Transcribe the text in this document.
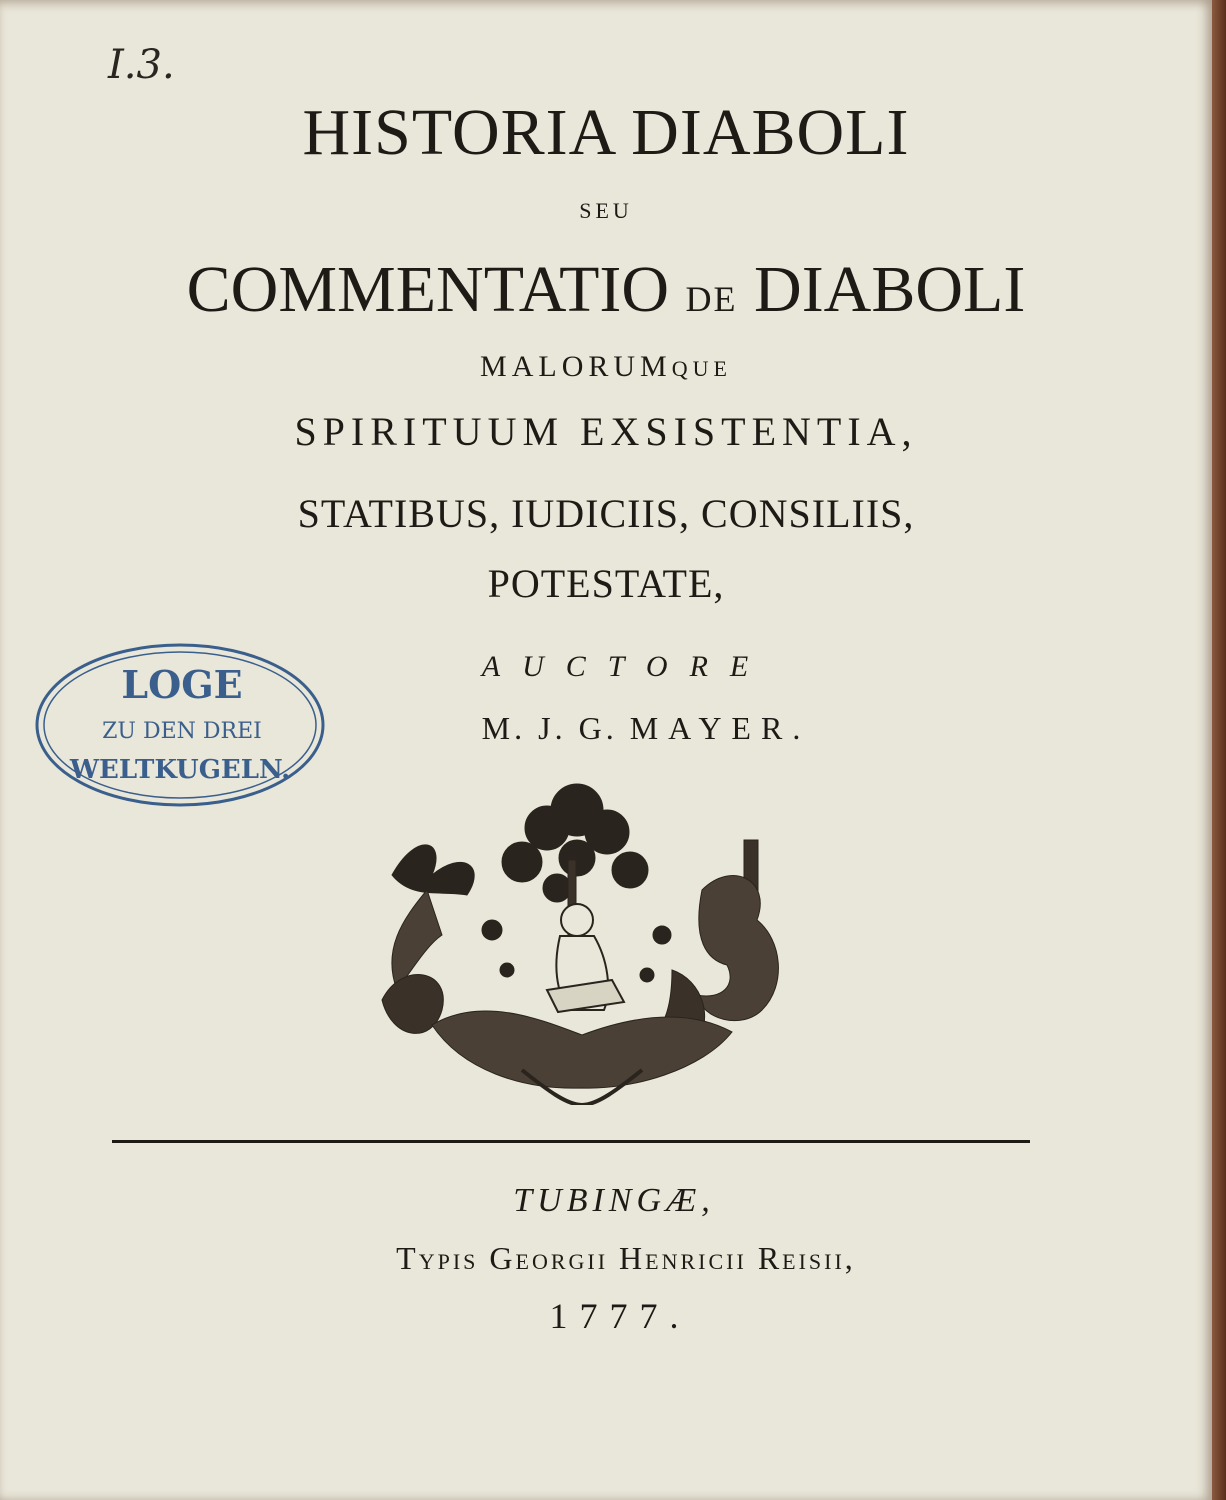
I.3.
HISTORIA DIABOLI
SEU
COMMENTATIO DE DIABOLI
MALORUMQUE
SPIRITUUM EXSISTENTIA,
STATIBUS, IUDICIIS, CONSILIIS,
POTESTATE,
AUCTORE
M. J. G. MAYER.
LOGE
ZU DEN DREI
WELTKUGELN.
TUBINGÆ,
Typis Georgii Henricii Reisii,
1777.
